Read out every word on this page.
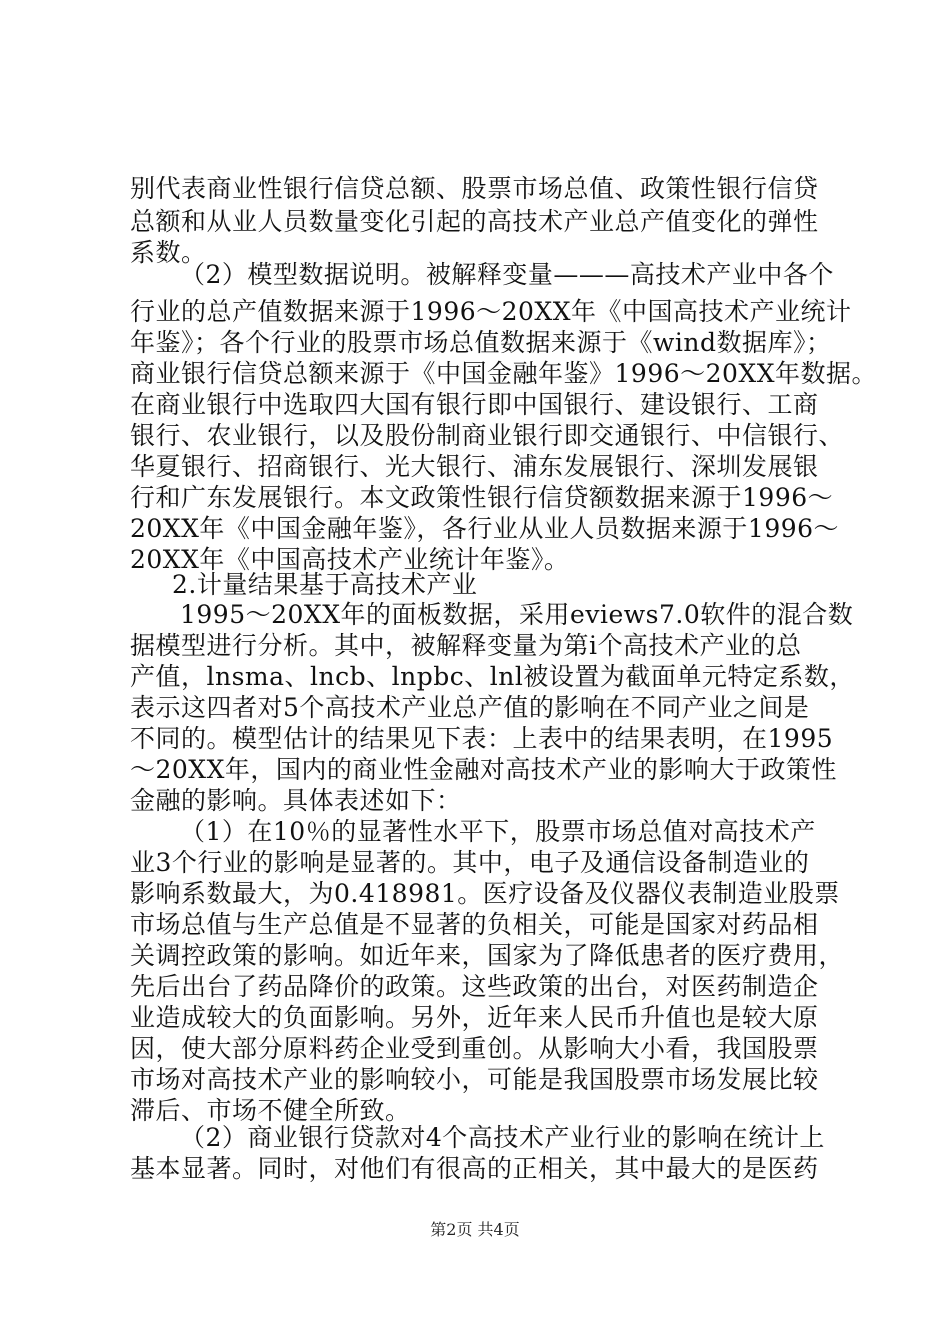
别代表商业性银行信贷总额、股票市场总值、政策性银行信贷
总额和从业人员数量变化引起的高技术产业总产值变化的弹性
系数。
（2）模型数据说明。被解释变量———高技术产业中各个
行业的总产值数据来源于1996～20XX年《中国高技术产业统计
年鉴》；各个行业的股票市场总值数据来源于《wind数据库》；
商业银行信贷总额来源于《中国金融年鉴》1996～20XX年数据。
在商业银行中选取四大国有银行即中国银行、建设银行、工商
银行、农业银行，以及股份制商业银行即交通银行、中信银行、
华夏银行、招商银行、光大银行、浦东发展银行、深圳发展银
行和广东发展银行。本文政策性银行信贷额数据来源于1996～
20XX年《中国金融年鉴》，各行业从业人员数据来源于1996～
20XX年《中国高技术产业统计年鉴》。
2.计量结果基于高技术产业
1995～20XX年的面板数据，采用eviews7.0软件的混合数
据模型进行分析。其中，被解释变量为第i个高技术产业的总
产值，lnsma、lncb、lnpbc、lnl被设置为截面单元特定系数，
表示这四者对5个高技术产业总产值的影响在不同产业之间是
不同的。模型估计的结果见下表：上表中的结果表明，在1995
～20XX年，国内的商业性金融对高技术产业的影响大于政策性
金融的影响。具体表述如下：
（1）在10％的显著性水平下，股票市场总值对高技术产
业3个行业的影响是显著的。其中，电子及通信设备制造业的
影响系数最大，为0.418981。医疗设备及仪器仪表制造业股票
市场总值与生产总值是不显著的负相关，可能是国家对药品相
关调控政策的影响。如近年来，国家为了降低患者的医疗费用，
先后出台了药品降价的政策。这些政策的出台，对医药制造企
业造成较大的负面影响。另外，近年来人民币升值也是较大原
因，使大部分原料药企业受到重创。从影响大小看，我国股票
市场对高技术产业的影响较小，可能是我国股票市场发展比较
滞后、市场不健全所致。
（2）商业银行贷款对4个高技术产业行业的影响在统计上
基本显著。同时，对他们有很高的正相关，其中最大的是医药
第2页 共4页
